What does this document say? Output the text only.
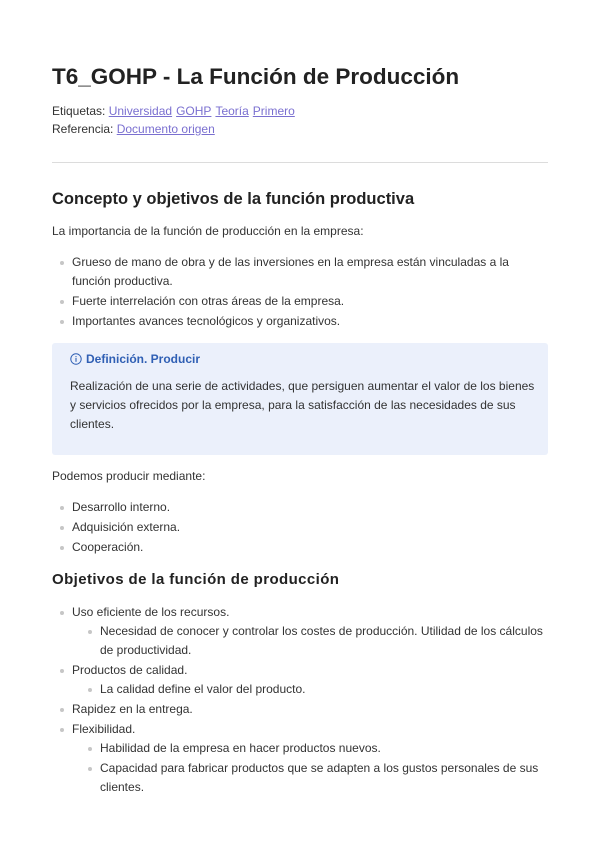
T6_GOHP - La Función de Producción
Etiquetas: Universidad GOHP Teoría Primero
Referencia: Documento origen
Concepto y objetivos de la función productiva

La importancia de la función de producción en la empresa:

Grueso de mano de obra y de las inversiones en la empresa están vinculadas a la función productiva.
Fuerte interrelación con otras áreas de la empresa.
Importantes avances tecnológicos y organizativos.
Definición. Producir
Realización de una serie de actividades, que persiguen aumentar el valor de los bienes y servicios ofrecidos por la empresa, para la satisfacción de las necesidades de sus clientes.

Podemos producir mediante:

Desarrollo interno.
Adquisición externa.
Cooperación.
Objetivos de la función de producción
Uso eficiente de los recursos.
Necesidad de conocer y controlar los costes de producción. Utilidad de los cálculos de productividad.
Productos de calidad.
La calidad define el valor del producto.
Rapidez en la entrega.
Flexibilidad.
Habilidad de la empresa en hacer productos nuevos.
Capacidad para fabricar productos que se adapten a los gustos personales de sus clientes.
